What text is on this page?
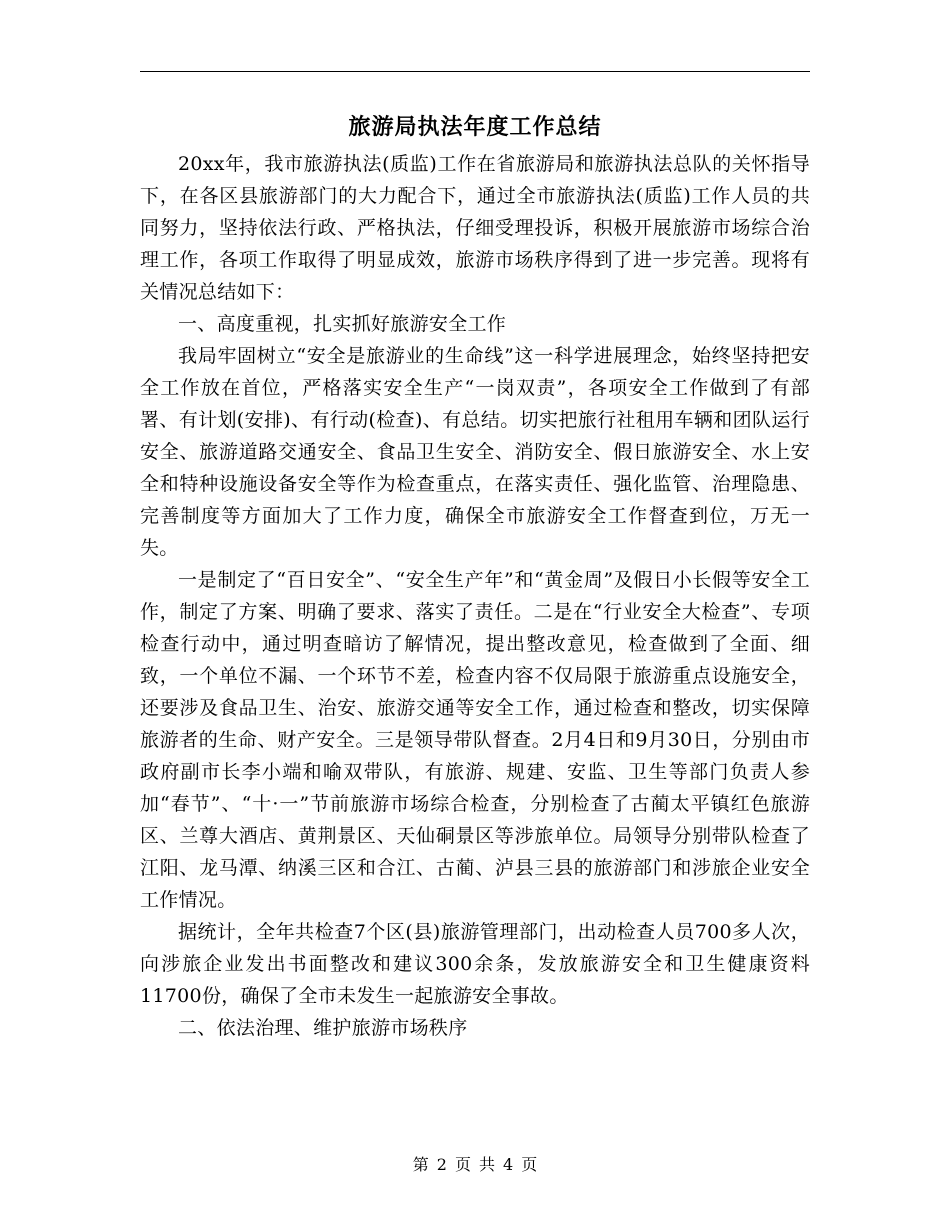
旅游局执法年度工作总结

20xx年，我市旅游执法(质监)工作在省旅游局和旅游执法总队的关怀指导下，在各区县旅游部门的大力配合下，通过全市旅游执法(质监)工作人员的共同努力，坚持依法行政、严格执法，仔细受理投诉，积极开展旅游市场综合治理工作，各项工作取得了明显成效，旅游市场秩序得到了进一步完善。现将有关情况总结如下：

一、高度重视，扎实抓好旅游安全工作

我局牢固树立“安全是旅游业的生命线”这一科学进展理念，始终坚持把安全工作放在首位，严格落实安全生产“一岗双责”，各项安全工作做到了有部署、有计划(安排)、有行动(检查)、有总结。切实把旅行社租用车辆和团队运行安全、旅游道路交通安全、食品卫生安全、消防安全、假日旅游安全、水上安全和特种设施设备安全等作为检查重点，在落实责任、强化监管、治理隐患、完善制度等方面加大了工作力度，确保全市旅游安全工作督查到位，万无一失。

一是制定了“百日安全”、“安全生产年”和“黄金周”及假日小长假等安全工作，制定了方案、明确了要求、落实了责任。二是在“行业安全大检查”、专项检查行动中，通过明查暗访了解情况，提出整改意见，检查做到了全面、细致，一个单位不漏、一个环节不差，检查内容不仅局限于旅游重点设施安全，还要涉及食品卫生、治安、旅游交通等安全工作，通过检查和整改，切实保障旅游者的生命、财产安全。三是领导带队督查。2月4日和9月30日，分别由市政府副市长李小端和喻双带队，有旅游、规建、安监、卫生等部门负责人参加“春节”、“十·一”节前旅游市场综合检查，分别检查了古蔺太平镇红色旅游区、兰尊大酒店、黄荆景区、天仙硐景区等涉旅单位。局领导分别带队检查了江阳、龙马潭、纳溪三区和合江、古蔺、泸县三县的旅游部门和涉旅企业安全工作情况。

据统计，全年共检查7个区(县)旅游管理部门，出动检查人员700多人次，向涉旅企业发出书面整改和建议300余条，发放旅游安全和卫生健康资料11700份，确保了全市未发生一起旅游安全事故。

二、依法治理、维护旅游市场秩序

第 2 页 共 4 页
